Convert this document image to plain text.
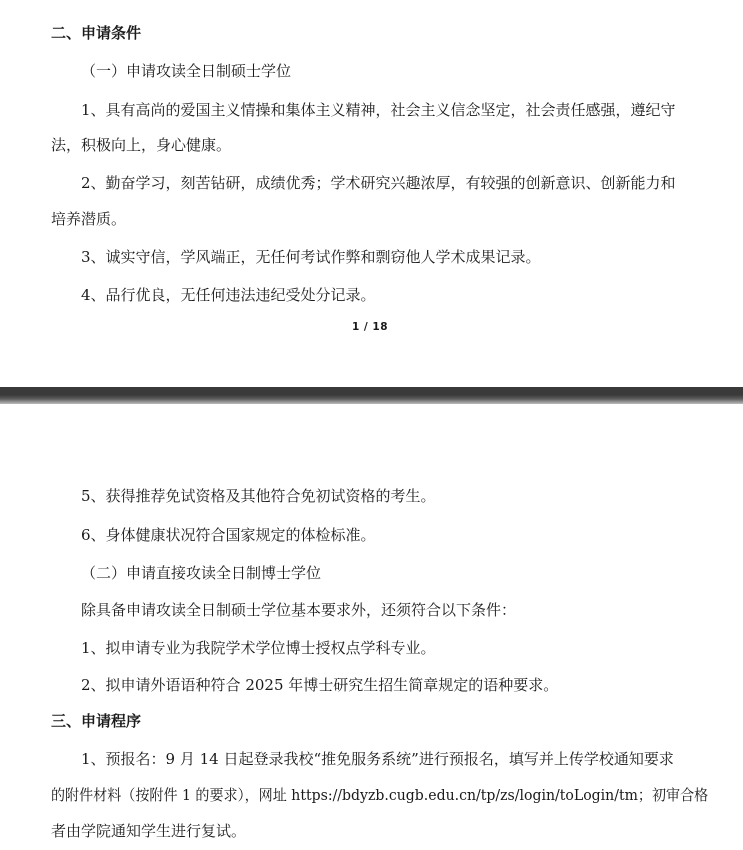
二、申请条件
（一）申请攻读全日制硕士学位
1、具有高尚的爱国主义情操和集体主义精神，社会主义信念坚定，社会责任感强，遵纪守
法，积极向上，身心健康。
2、勤奋学习，刻苦钻研，成绩优秀；学术研究兴趣浓厚，有较强的创新意识、创新能力和
培养潜质。
3、诚实守信，学风端正，无任何考试作弊和剽窃他人学术成果记录。
4、品行优良，无任何违法违纪受处分记录。
1 / 18
5、获得推荐免试资格及其他符合免初试资格的考生。
6、身体健康状况符合国家规定的体检标准。
（二）申请直接攻读全日制博士学位
除具备申请攻读全日制硕士学位基本要求外，还须符合以下条件：
1、拟申请专业为我院学术学位博士授权点学科专业。
2、拟申请外语语种符合 2025 年博士研究生招生简章规定的语种要求。
三、申请程序
1、预报名：9 月 14 日起登录我校“推免服务系统”进行预报名，填写并上传学校通知要求
的附件材料（按附件 1 的要求），网址 https://bdyzb.cugb.edu.cn/tp/zs/login/toLogin/tm；初审合格
者由学院通知学生进行复试。
